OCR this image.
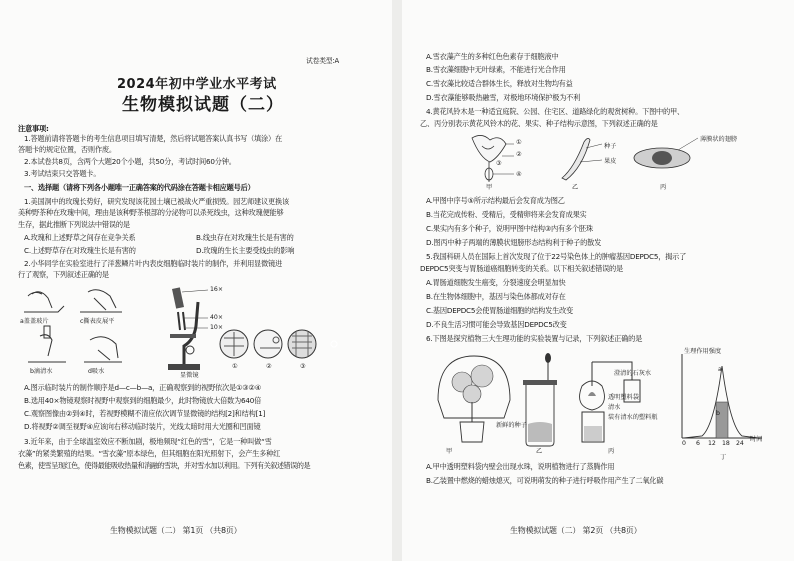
试卷类型:A
2024年初中学业水平考试
生物模拟试题（二）
注意事项:
1.答题前请将答题卡的考生信息项目填写清楚，然后将试题答案认真书写（填涂）在
答题卡的规定位置，否则作废。
2.本试卷共8页，含两个大题20个小题，共50分，考试时间60分钟。
3.考试结束只交答题卡。
一、选择题（请将下列各小题唯一正确答案的代码涂在答题卡相应题号后）
1.美国洞中的玫瑰长势好，研究发现该花园土壤已被战火严重损毁。园艺师建议更换该
美种野茶种在玫瑰中间，理由是该种野茶根部的分泌物可以杀死线虫，这种玫瑰便能够
生存，据此推断下列说法中错误的是
A.玫瑰和上述野草之间存在竞争关系	B.线虫存在对玫瑰生长是有害的
C.上述野草存在对玫瑰生长是有害的	D.玫瑰的生长主要受线虫的影响
2.小华同学在实验室进行了洋葱鳞片叶内表皮细胞临时装片的制作，并利用显微镜进
行了观察，下列叙述正确的是
a盖盖玻片
b滴清水
c撕表皮展平
d吸水
显微镜
①	②	③
16×
40×
10×
A.图示临时装片的制作顺序是d—c—b—a，正确观察到的视野依次是①③②④
B.选用40×物镜观察时视野中观察到的细胞最少，此时物镜放大倍数为640倍
C.观察图像由②到④时，若视野模糊不清应依次调节显微镜的结构[2]和结构[1]
D.将视野②调至视野④应该向右移动临时装片，光线太暗时用大光圈和凹面镜
3.近年来，由于全球温室效应不断加剧，极地频现“红色的雪”，它是一种叫做“雪
衣藻”的紧类繁殖的结果。“雪衣藻”原本绿色，但其细胞在阳光照射下，会产生多种红
色素，使雪呈现红色，使得最能吸收热量和消融的雪块，并对雪水加以利用。下列有关叙述错误的是
生物模拟试题（二） 第1页 （共8页）
A.雪衣藻产生的多种红色色素存于细胞液中
B.雪衣藻细胞中无叶绿素，不能进行光合作用
C.雪衣藻比较适合群体生长，释放对生物均有益
D.雪衣藻能够吸热融雪，对极地环境保护极为不利
4.黄花风铃木是一种适宜庭院、公园、住宅区、道路绿化的观赏树种。下图中的甲、
乙、丙分别表示黄花风铃木的花、果实、种子结构示意图，下列叙述正确的是
甲	乙	丙
①
②
③
④
种子
果皮
薄膜状的翅膀
A.甲图中序号⑤所示结构最后会发育成为图乙
B.当花完成传粉、受精后，受精卵将来会发育成果实
C.果实内有多个种子，说明甲图中结构③内有多个胚珠
D.图丙中种子两端的薄膜状翅膀形态结构利于种子的散发
5.我国科研人员在国际上首次发现了位于22号染色体上的肿瘤基因DEPDC5，揭示了
DEPDC5突变与胃肠道癌细胞转变的关系。以下相关叙述错误的是
A.胃肠道细胞发生癌变，分裂速度会明显加快
B.在生物体细胞中，基因与染色体都成对存在
C.基因DEPDC5会使胃肠道细胞的结构发生改变
D.不良生活习惯可能会导致基因DEPDC5改变
6.下图是探究植物三大生理功能的实验装置与记录，下列叙述正确的是
甲	乙	丙
丁
新鲜的种子
澄清的石灰水
透明塑料袋
清水
装有清水的塑料瓶
生理作用强度
a
b
0 6 12 18 24
时间
A.甲中透明塑料袋内壁会出现水珠，说明植物进行了蒸腾作用
B.乙装置中燃烧的蜡烛熄灭，可说明萌发的种子进行呼吸作用产生了二氧化碳
生物模拟试题（二） 第2页 （共8页）
